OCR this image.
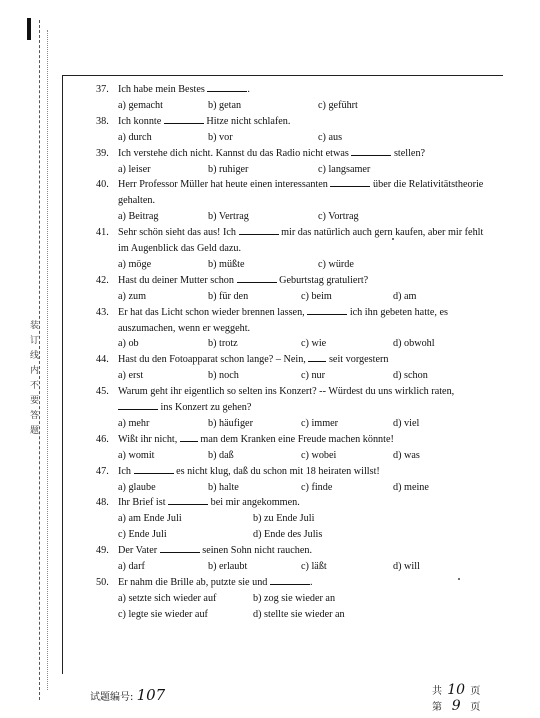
装订线内不要答题
37. Ich habe mein Bestes	.
a) gemacht	b) getan	c) geführt
38. Ich konnte	Hitze nicht schlafen.
a) durch	b) vor	c) aus
39. Ich verstehe dich nicht. Kannst du das Radio nicht etwas	stellen?
a) leiser	b) ruhiger	c) langsamer
40. Herr Professor Müller hat heute einen interessanten	über die Relativitätstheorie gehalten.
a) Beitrag	b) Vertrag	c) Vortrag
41. Sehr schön sieht das aus! Ich	mir das natürlich auch gern kaufen, aber mir fehlt im Augenblick das Geld dazu.
a) möge	b) müßte	c) würde
42. Hast du deiner Mutter schon	Geburtstag gratuliert?
a) zum	b) für den	c) beim	d) am
43. Er hat das Licht schon wieder brennen lassen,	ich ihn gebeten hatte, es auszumachen, wenn er weggeht.
a) ob	b) trotz	c) wie	d) obwohl
44. Hast du den Fotoapparat schon lange? – Nein,  seit vorgestern
a) erst	b) noch	c) nur	d) schon
45. Warum geht ihr eigentlich so selten ins Konzert? -- Würdest du uns wirklich raten,  ins Konzert zu gehen?
a) mehr	b) häufiger	c) immer	d) viel
46. Wißt ihr nicht,  man dem Kranken eine Freude machen könnte!
a) womit	b) daß	c) wobei	d) was
47. Ich	es nicht klug, daß du schon mit 18 heiraten willst!
a) glaube	b) halte	c) finde	d) meine
48. Ihr Brief ist	bei mir angekommen.
a) am Ende Juli	b) zu Ende Juli
c) Ende Juli	d) Ende des Julis
49. Der Vater	seinen Sohn nicht rauchen.
a) darf	b) erlaubt	c) läßt	d) will
50. Er nahm die Brille ab, putzte sie und	.
a) setzte sich wieder auf	b) zog sie wieder an
c) legte sie wieder auf	d) stellte sie wieder an
试题编号: 107	共 10 页
第 9 页
